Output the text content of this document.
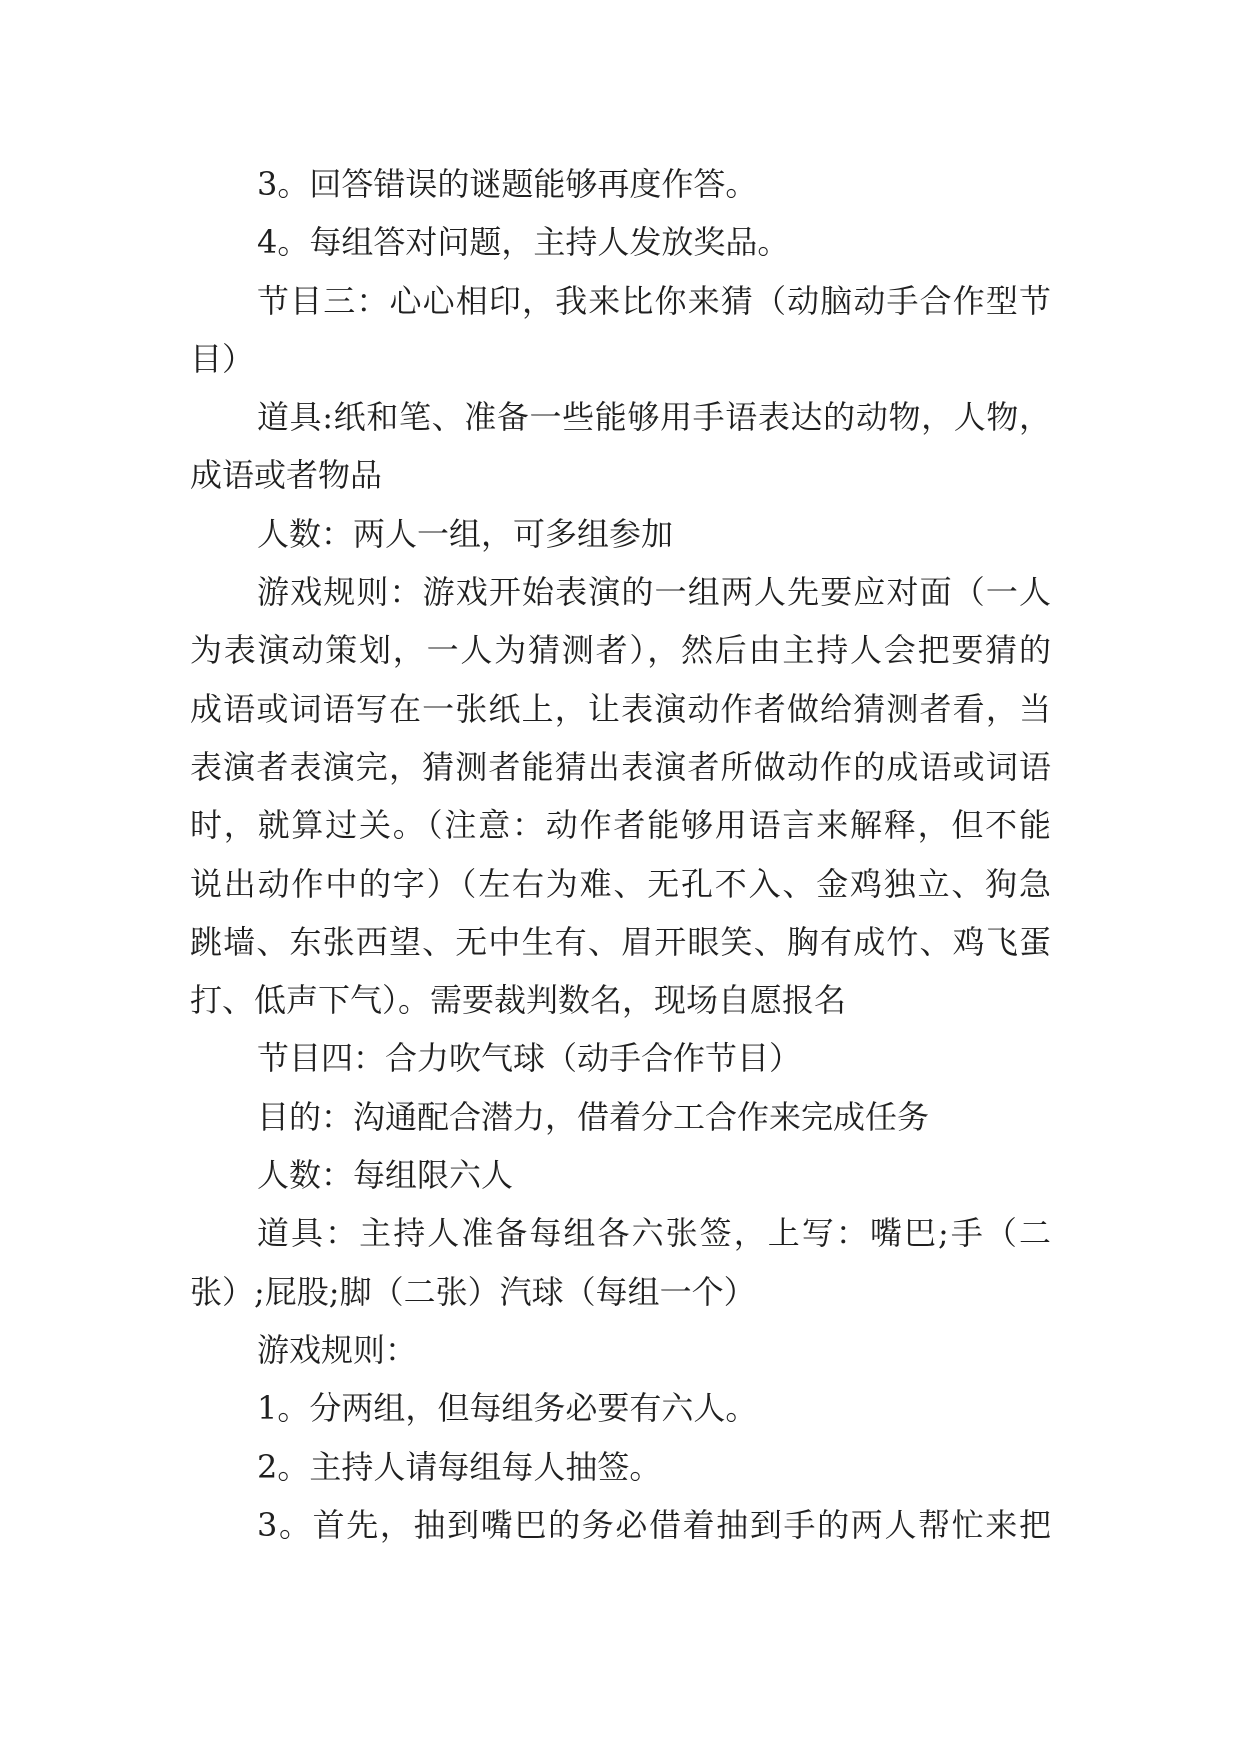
3。回答错误的谜题能够再度作答。
4。每组答对问题，主持人发放奖品。
节目三：心心相印，我来比你来猜（动脑动手合作型节
目）
道具:纸和笔、准备一些能够用手语表达的动物，人物，
成语或者物品
人数：两人一组，可多组参加
游戏规则：游戏开始表演的一组两人先要应对面（一人
为表演动策划，一人为猜测者），然后由主持人会把要猜的
成语或词语写在一张纸上，让表演动作者做给猜测者看，当
表演者表演完，猜测者能猜出表演者所做动作的成语或词语
时，就算过关。（注意：动作者能够用语言来解释，但不能
说出动作中的字）（左右为难、无孔不入、金鸡独立、狗急
跳墙、东张西望、无中生有、眉开眼笑、胸有成竹、鸡飞蛋
打、低声下气）。需要裁判数名，现场自愿报名
节目四：合力吹气球（动手合作节目）
目的：沟通配合潜力，借着分工合作来完成任务
人数：每组限六人
道具：主持人准备每组各六张签，上写：嘴巴;手（二
张）;屁股;脚（二张）汽球（每组一个）
游戏规则：
1。分两组，但每组务必要有六人。
2。主持人请每组每人抽签。
3。首先，抽到嘴巴的务必借着抽到手的两人帮忙来把
